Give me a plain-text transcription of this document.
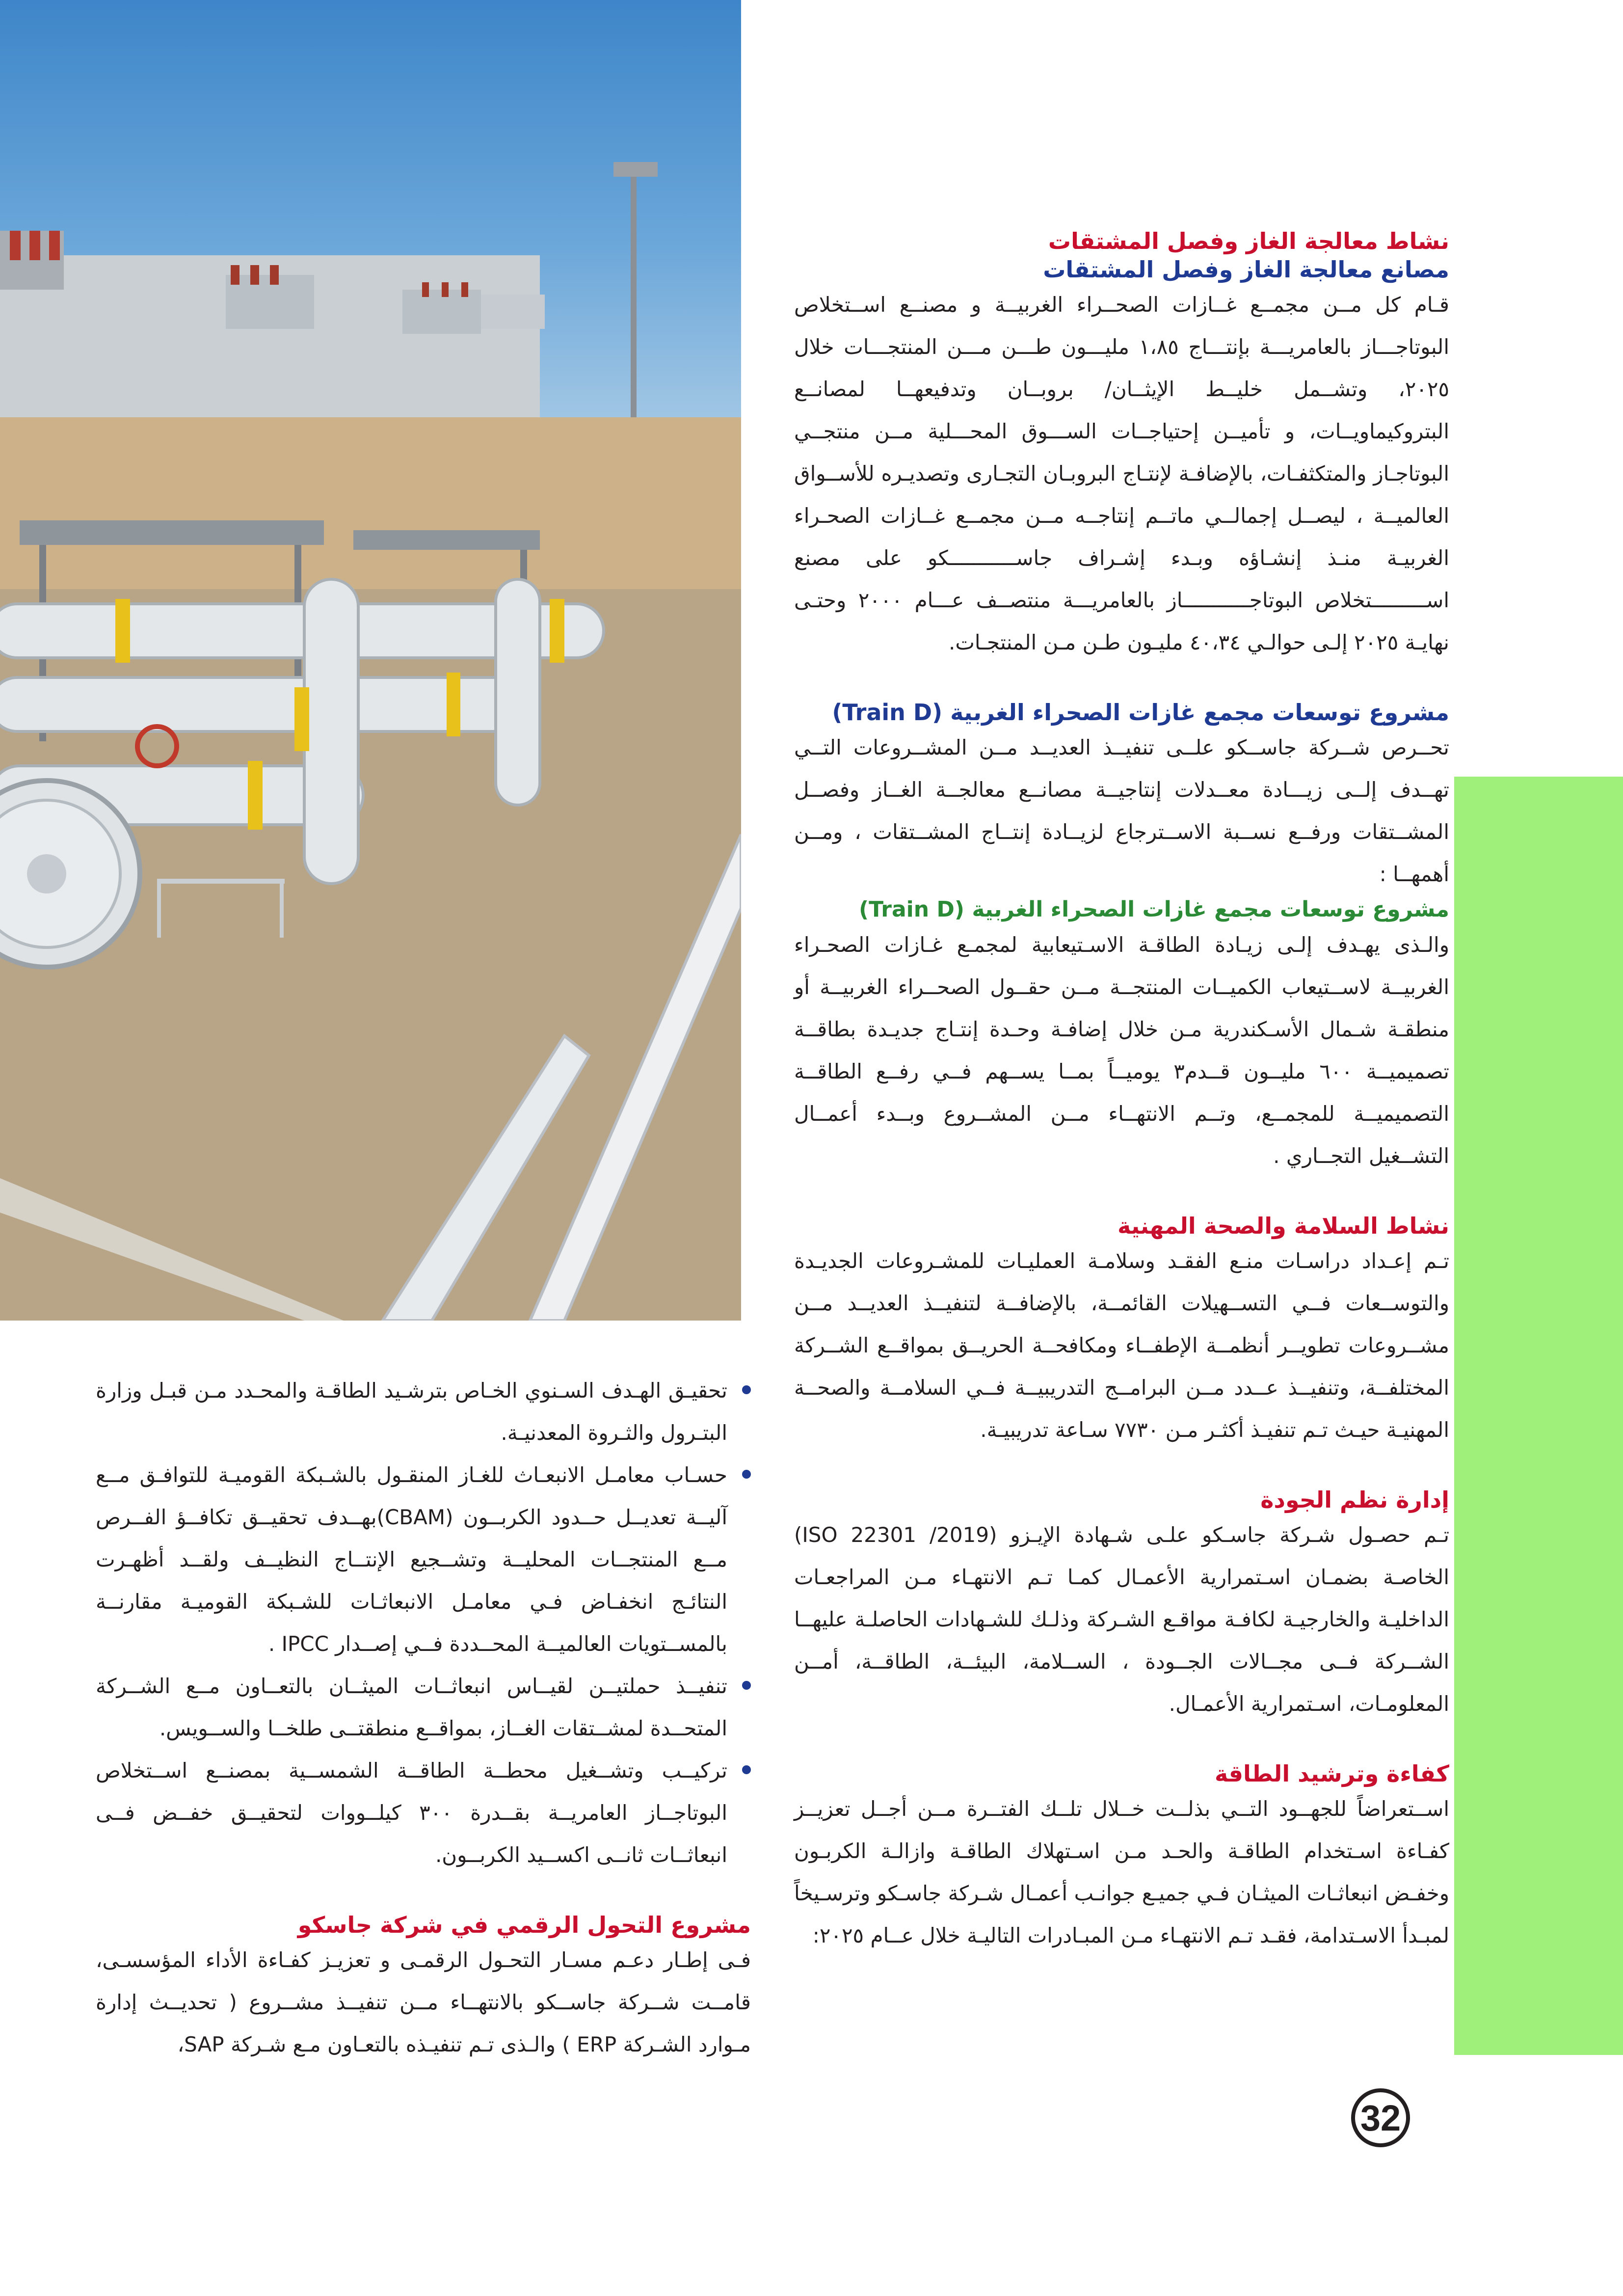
نشاط معالجة الغاز وفصل المشتقات
مصانع معالجة الغاز وفصل المشتقات

قـام كل مــن مجمــع غــازات الصحــراء الغربيــة و مصنــع اســتخلاص البوتاجـــاز بالعامريـــة بإنتـــاج ١،٨٥ مليـــون طـــن مـــن المنتجـــات خلال ٢٠٢٥، وتشــمل خليــط الإيثــان/ بروبــان وتدفيعهــا لمصانــع البتروكيماويــات، و تأميــن إحتياجــات الســـوق المحـــلية مــن منتجــي البوتاجـاز والمتكثفـات، بالإضافـة لإنتـاج البروبـان التجـارى وتصديـره للأســواق العالميــة ، ليصــل إجمالــي ماتــم إنتاجــه مــن مجمــع غــازات الصحـراء الغربيـة منـذ إنشـاؤه وبـدء إشـراف جاســـــــــــكو على مصنع اســـــــــتخلاص البوتاجـــــــــــاز بالعامريـــة منتصــف عـــام ٢٠٠٠ وحتـى نهايـة ٢٠٢٥ إلـى حوالـي ٤٠،٣٤ مليـون طـن مـن المنتجـات.

مشروع توسعات مجمع غازات الصحراء الغربية (Train D)

تحــرص شــركة جاســكو علــى تنفيــذ العديــد مــن المشــروعات التــي تهــدف إلــى زيـــادة معــدلات إنتاجيــة مصانــع معالجــة الغــاز وفصــل المشــتقات ورفــع نســبة الاســترجاع لزيــادة إنتــاج المشــتقات ، ومــن أهمهــا :

مشروع توسعات مجمع غازات الصحراء الغربية (Train D)

والـذى يهـدف إلـى زيـادة الطاقـة الاسـتيعابية لمجمـع غـازات الصحـراء الغربيــة لاســتيعاب الكميــات المنتجــة مــن حقــول الصحــراء الغربيــة أو منطقـة شـمال الأسـكندرية مـن خلال إضافـة وحـدة إنتـاج جديـدة بطاقــة تصميميــة ٦٠٠ مليــون قــدم٣ يوميــاً بمــا يســهم فــي رفــع الطاقــة التصميميــة للمجمــع، وتــم الانتهــاء مــن المشــروع وبــدء أعمــال التشــغيل التجــاري .

نشاط السلامة والصحة المهنية

تـم إعـداد دراسـات منـع الفقـد وسلامـة العمليـات للمشـروعات الجديـدة والتوســعات فــي التســهيلات القائمــة، بالإضافــة لتنفيــذ العديــد مــن مشــروعات تطويــر أنظمــة الإطفــاء ومكافحــة الحريــق بمواقــع الشــركة المختلفــة، وتنفيــذ عــدد مــن البرامــج التدريبيــة فــي السلامــة والصحــة المهنيـة حيـث تـم تنفيـذ أكثـر مـن ٧٧٣٠ سـاعة تدريبيـة.

إدارة نظم الجودة

تـم حصـول شـركة جاسـكو علـى شـهادة الإيـزو (ISO 22301 /2019) الخاصـة بضمـان اسـتمرارية الأعمـال كمـا تـم الانتهـاء مـن المراجعـات الداخليـة والخارجيـة لكافـة مواقـع الشـركة وذلـك للشـهادات الحاصلـة عليهــا الشــركة فــى مجــالات الجــودة ، الســلامة، البيئــة، الطاقــة، أمــن المعلومـات، اسـتمرارية الأعمـال.

كفاءة وترشيد الطاقة

اســتعراضاً للجهــود التــي بذلــت خــلال تلــك الفتــرة مــن أجــل تعزيــز كفـاءة اسـتخدام الطاقـة والحـد مـن اسـتهلاك الطاقـة وازالـة الكربـون وخفـض انبعاثـات الميثـان فـي جميـع جوانـب أعمـال شـركة جاسـكو وترسـيخاً لمبـدأ الاسـتدامة، فقـد تـم الانتهـاء مـن المبـادرات التاليـة خلال عــام ٢٠٢٥:

تحقيـق الهـدف السـنوي الخـاص بترشـيد الطاقـة والمحـدد مـن قبـل وزارة البتـرول والثـروة المعدنيـة.
حسـاب معامـل الانبعـاث للغـاز المنقـول بالشـبكة القوميـة للتوافـق مــع آليــة تعديــل حــدود الكربــون (CBAM)بهــدف تحقيــق تكافــؤ الفــرص مــع المنتجــات المحليــة وتشــجيع الإنتــاج النظيــف ولقــد أظهـرت النتائـج انخفـاض فـي معامـل الانبعاثـات للشـبكة القوميـة مقارنــة بالمســتويات العالميــة المحــددة فــي إصــدار IPCC .
تنفيــذ حملتيــن لقيــاس انبعاثــات الميثــان بالتعــاون مــع الشــركة المتحــدة لمشــتقات الغــاز، بمواقــع منطقتــى طلخــا والســويس.
تركيــب وتشــغيل محطــة الطاقــة الشمســية بمصنــع اســتخلاص البوتاجــاز العامريــة بقــدرة ٣٠٠ كيلــووات لتحقيــق خفــض فــى انبعاثــات ثانــى اكســيد الكربــون.
مشروع التحول الرقمي في شركة جاسكو

فـى إطـار دعـم مسـار التحـول الرقمـى و تعزيـز كفـاءة الأداء المؤسسـى، قامــت شــركة جاســكو بالانتهــاء مــن تنفيــذ مشــروع ( تحديــث إدارة مـوارد الشـركة ERP ) والـذى تـم تنفيـذه بالتعـاون مـع شـركة SAP،

32
